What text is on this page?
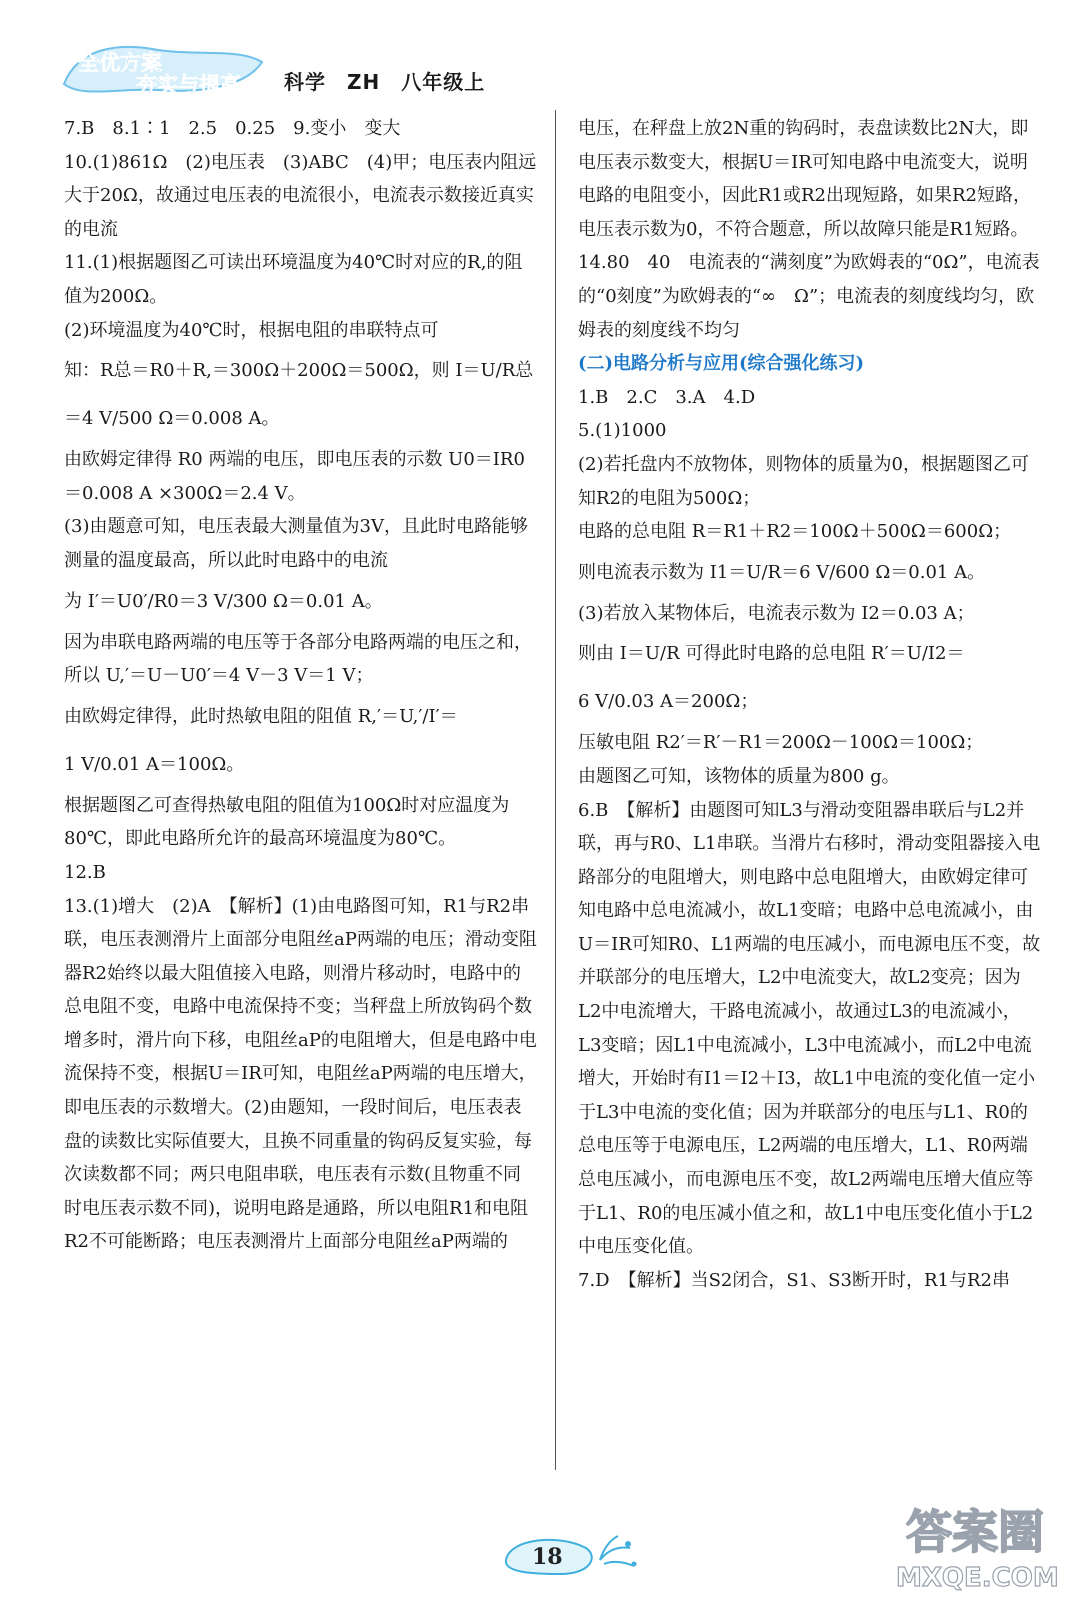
全优方案
夯实与提高 科学　ZH　八年级上

7.B　8.1∶1　2.5　0.25　9.变小　变大

10.(1)861Ω　(2)电压表　(3)ABC　(4)甲；电压表内阻远大于20Ω，故通过电压表的电流很小，电流表示数接近真实的电流

11.(1)根据题图乙可读出环境温度为40℃时对应的R,的阻值为200Ω。

(2)环境温度为40℃时，根据电阻的串联特点可

知：R总＝R0＋R,＝300Ω＋200Ω＝500Ω，则 I＝U/R总

＝4 V/500 Ω＝0.008 A。

由欧姆定律得 R0 两端的电压，即电压表的示数 U0＝IR0＝0.008 A ×300Ω＝2.4 V。

(3)由题意可知，电压表最大测量值为3V，且此时电路能够测量的温度最高，所以此时电路中的电流

为 I′＝U0′/R0＝3 V/300 Ω＝0.01 A。

因为串联电路两端的电压等于各部分电路两端的电压之和，所以 U,′＝U－U0′＝4 V－3 V＝1 V；

由欧姆定律得，此时热敏电阻的阻值 R,′＝U,′/I′＝

1 V/0.01 A＝100Ω。

根据题图乙可查得热敏电阻的阻值为100Ω时对应温度为80℃，即此电路所允许的最高环境温度为80℃。

12.B

13.(1)增大　(2)A　【解析】(1)由电路图可知，R1与R2串联，电压表测滑片上面部分电阻丝aP两端的电压；滑动变阻器R2始终以最大阻值接入电路，则滑片移动时，电路中的总电阻不变，电路中电流保持不变；当秤盘上所放钩码个数增多时，滑片向下移，电阻丝aP的电阻增大，但是电路中电流保持不变，根据U＝IR可知，电阻丝aP两端的电压增大，即电压表的示数增大。(2)由题知，一段时间后，电压表表盘的读数比实际值要大，且换不同重量的钩码反复实验，每次读数都不同；两只电阻串联，电压表有示数(且物重不同时电压表示数不同)，说明电路是通路，所以电阻R1和电阻R2不可能断路；电压表测滑片上面部分电阻丝aP两端的

电压，在秤盘上放2N重的钩码时，表盘读数比2N大，即电压表示数变大，根据U＝IR可知电路中电流变大，说明电路的电阻变小，因此R1或R2出现短路，如果R2短路，电压表示数为0，不符合题意，所以故障只能是R1短路。

14.80　40　电流表的“满刻度”为欧姆表的“0Ω”，电流表的“0刻度”为欧姆表的“∞　Ω”；电流表的刻度线均匀，欧姆表的刻度线不均匀

(二)电路分析与应用(综合强化练习)

1.B　2.C　3.A　4.D

5.(1)1000

(2)若托盘内不放物体，则物体的质量为0，根据题图乙可知R2的电阻为500Ω；

电路的总电阻 R＝R1＋R2＝100Ω＋500Ω＝600Ω；

则电流表示数为 I1＝U/R＝6 V/600 Ω＝0.01 A。

(3)若放入某物体后，电流表示数为 I2＝0.03 A；

则由 I＝U/R 可得此时电路的总电阻 R′＝U/I2＝

6 V/0.03 A＝200Ω；

压敏电阻 R2′＝R′－R1＝200Ω－100Ω＝100Ω；

由题图乙可知，该物体的质量为800 g。

6.B　【解析】由题图可知L3与滑动变阻器串联后与L2并联，再与R0、L1串联。当滑片右移时，滑动变阻器接入电路部分的电阻增大，则电路中总电阻增大，由欧姆定律可知电路中总电流减小，故L1变暗；电路中总电流减小，由U＝IR可知R0、L1两端的电压减小，而电源电压不变，故并联部分的电压增大，L2中电流变大，故L2变亮；因为L2中电流增大，干路电流减小，故通过L3的电流减小，L3变暗；因L1中电流减小，L3中电流减小，而L2中电流增大，开始时有I1＝I2＋I3，故L1中电流的变化值一定小于L3中电流的变化值；因为并联部分的电压与L1、R0的总电压等于电源电压，L2两端的电压增大，L1、R0两端总电压减小，而电源电压不变，故L2两端电压增大值应等于L1、R0的电压减小值之和，故L1中电压变化值小于L2中电压变化值。

7.D　【解析】当S2闭合，S1、S3断开时，R1与R2串

18	答案圈
MXQE.COM
